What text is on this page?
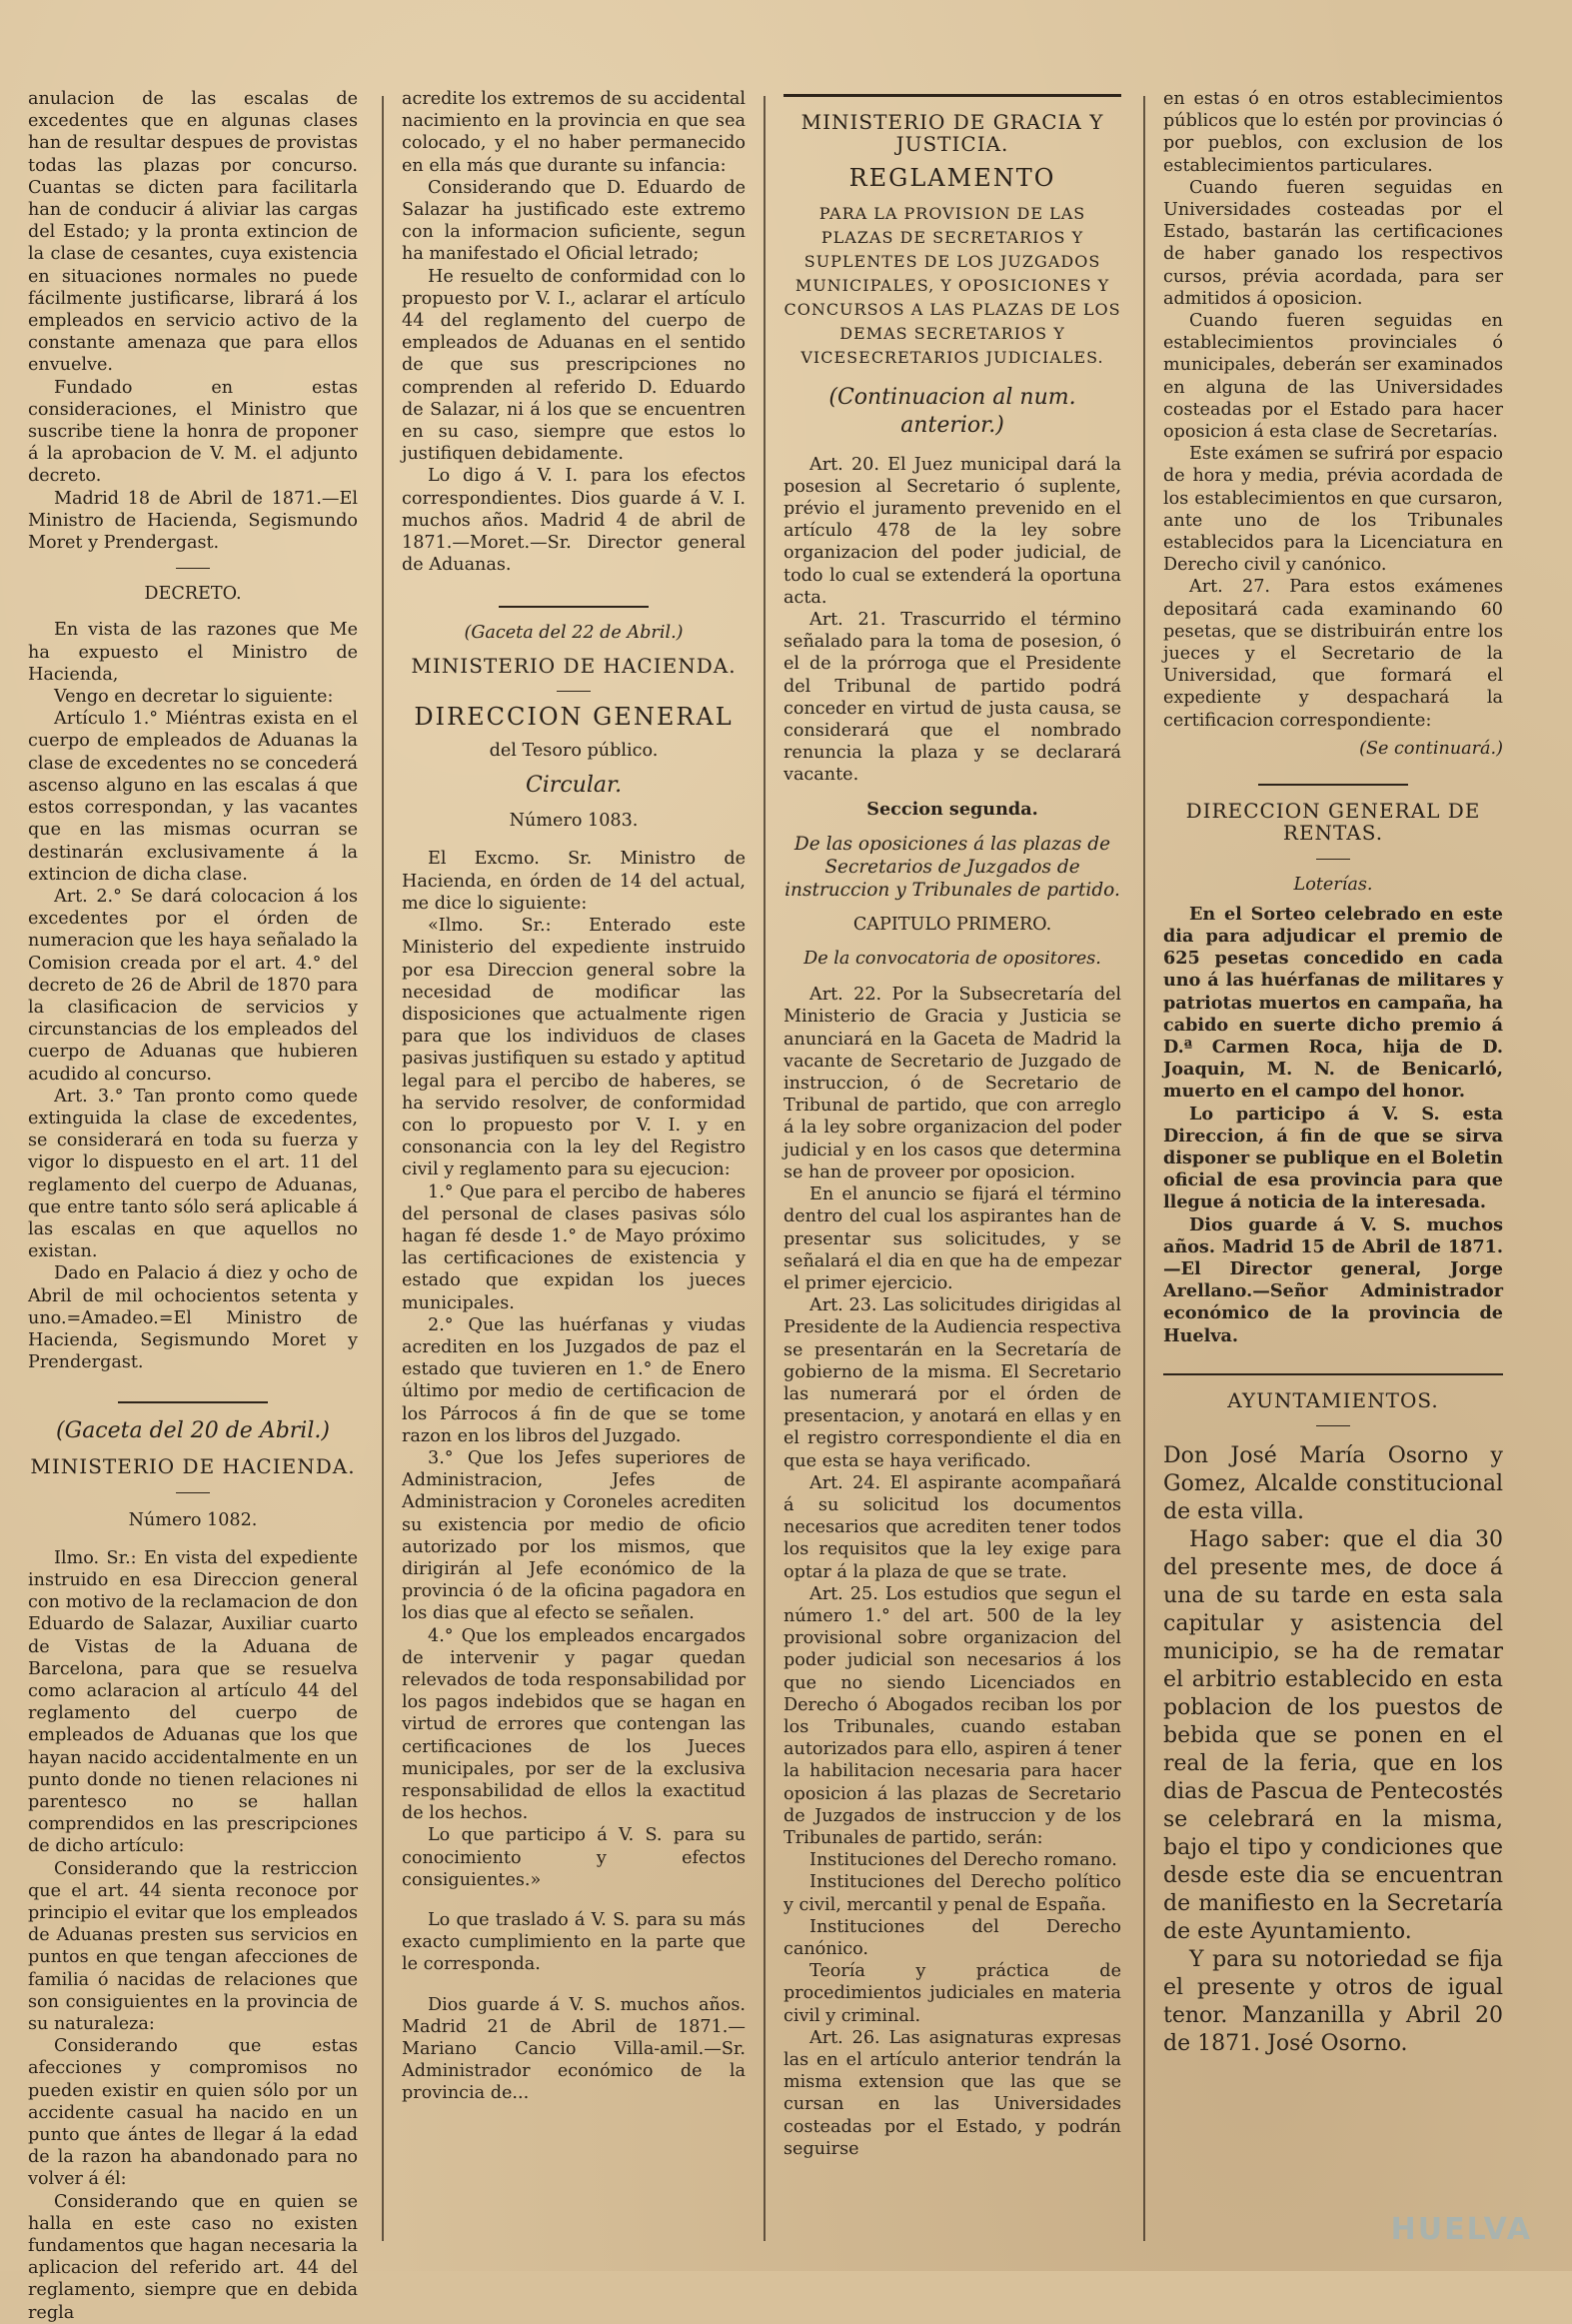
anulacion de las escalas de excedentes que en algunas clases han de resultar despues de provistas todas las plazas por concurso. Cuantas se dicten para facilitarla han de conducir á aliviar las cargas del Estado; y la pronta extincion de la clase de cesantes, cuya existencia en situaciones normales no puede fácilmente justificarse, librará á los empleados en servicio activo de la constante amenaza que para ellos envuelve.

Fundado en estas consideraciones, el Ministro que suscribe tiene la honra de proponer á la aprobacion de V. M. el adjunto decreto.

Madrid 18 de Abril de 1871.—El Ministro de Hacienda, Segismundo Moret y Prendergast.

DECRETO.

En vista de las razones que Me ha expuesto el Ministro de Hacienda,

Vengo en decretar lo siguiente:

Artículo 1.° Miéntras exista en el cuerpo de empleados de Aduanas la clase de excedentes no se concederá ascenso alguno en las escalas á que estos correspondan, y las vacantes que en las mismas ocurran se destinarán exclusivamente á la extincion de dicha clase.

Art. 2.° Se dará colocacion á los excedentes por el órden de numeracion que les haya señalado la Comision creada por el art. 4.° del decreto de 26 de Abril de 1870 para la clasificacion de servicios y circunstancias de los empleados del cuerpo de Aduanas que hubieren acudido al concurso.

Art. 3.° Tan pronto como quede extinguida la clase de excedentes, se considerará en toda su fuerza y vigor lo dispuesto en el art. 11 del reglamento del cuerpo de Aduanas, que entre tanto sólo será aplicable á las escalas en que aquellos no existan.

Dado en Palacio á diez y ocho de Abril de mil ochocientos setenta y uno.=Amadeo.=El Ministro de Hacienda, Segismundo Moret y Prendergast.

(Gaceta del 20 de Abril.)

MINISTERIO DE HACIENDA.

Número 1082.

Ilmo. Sr.: En vista del expediente instruido en esa Direccion general con motivo de la reclamacion de don Eduardo de Salazar, Auxiliar cuarto de Vistas de la Aduana de Barcelona, para que se resuelva como aclaracion al artículo 44 del reglamento del cuerpo de empleados de Aduanas que los que hayan nacido accidentalmente en un punto donde no tienen relaciones ni parentesco no se hallan comprendidos en las prescripciones de dicho artículo:

Considerando que la restriccion que el art. 44 sienta reconoce por principio el evitar que los empleados de Aduanas presten sus servicios en puntos en que tengan afecciones de familia ó nacidas de relaciones que son consiguientes en la provincia de su naturaleza:

Considerando que estas afecciones y compromisos no pueden existir en quien sólo por un accidente casual ha nacido en un punto que ántes de llegar á la edad de la razon ha abandonado para no volver á él:

Considerando que en quien se halla en este caso no existen fundamentos que hagan necesaria la aplicacion del referido art. 44 del reglamento, siempre que en debida regla

acredite los extremos de su accidental nacimiento en la provincia en que sea colocado, y el no haber permanecido en ella más que durante su infancia:

Considerando que D. Eduardo de Salazar ha justificado este extremo con la informacion suficiente, segun ha manifestado el Oficial letrado;

He resuelto de conformidad con lo propuesto por V. I., aclarar el artículo 44 del reglamento del cuerpo de empleados de Aduanas en el sentido de que sus prescripciones no comprenden al referido D. Eduardo de Salazar, ni á los que se encuentren en su caso, siempre que estos lo justifiquen debidamente.

Lo digo á V. I. para los efectos correspondientes. Dios guarde á V. I. muchos años. Madrid 4 de abril de 1871.—Moret.—Sr. Director general de Aduanas.

(Gaceta del 22 de Abril.)

MINISTERIO DE HACIENDA.

DIRECCION GENERAL

del Tesoro público.

Circular.

Número 1083.

El Excmo. Sr. Ministro de Hacienda, en órden de 14 del actual, me dice lo siguiente:

«Ilmo. Sr.: Enterado este Ministerio del expediente instruido por esa Direccion general sobre la necesidad de modificar las disposiciones que actualmente rigen para que los individuos de clases pasivas justifiquen su estado y aptitud legal para el percibo de haberes, se ha servido resolver, de conformidad con lo propuesto por V. I. y en consonancia con la ley del Registro civil y reglamento para su ejecucion:

1.° Que para el percibo de haberes del personal de clases pasivas sólo hagan fé desde 1.° de Mayo próximo las certificaciones de existencia y estado que expidan los jueces municipales.

2.° Que las huérfanas y viudas acrediten en los Juzgados de paz el estado que tuvieren en 1.° de Enero último por medio de certificacion de los Párrocos á fin de que se tome razon en los libros del Juzgado.

3.° Que los Jefes superiores de Administracion, Jefes de Administracion y Coroneles acrediten su existencia por medio de oficio autorizado por los mismos, que dirigirán al Jefe económico de la provincia ó de la oficina pagadora en los dias que al efecto se señalen.

4.° Que los empleados encargados de intervenir y pagar quedan relevados de toda responsabilidad por los pagos indebidos que se hagan en virtud de errores que contengan las certificaciones de los Jueces municipales, por ser de la exclusiva responsabilidad de ellos la exactitud de los hechos.

Lo que participo á V. S. para su conocimiento y efectos consiguientes.»

Lo que traslado á V. S. para su más exacto cumplimiento en la parte que le corresponda.

Dios guarde á V. S. muchos años. Madrid 21 de Abril de 1871.—Mariano Cancio Villa-amil.—Sr. Administrador económico de la provincia de...

MINISTERIO DE GRACIA Y JUSTICIA.

REGLAMENTO

PARA LA PROVISION DE LAS PLAZAS DE SECRETARIOS Y SUPLENTES DE LOS JUZGADOS MUNICIPALES, Y OPOSICIONES Y CONCURSOS A LAS PLAZAS DE LOS DEMAS SECRETARIOS Y VICESECRETARIOS JUDICIALES.

(Continuacion al num. anterior.)

Art. 20. El Juez municipal dará la posesion al Secretario ó suplente, prévio el juramento prevenido en el artículo 478 de la ley sobre organizacion del poder judicial, de todo lo cual se extenderá la oportuna acta.

Art. 21. Trascurrido el término señalado para la toma de posesion, ó el de la prórroga que el Presidente del Tribunal de partido podrá conceder en virtud de justa causa, se considerará que el nombrado renuncia la plaza y se declarará vacante.

Seccion segunda.

De las oposiciones á las plazas de Secretarios de Juzgados de instruccion y Tribunales de partido.

CAPITULO PRIMERO.

De la convocatoria de opositores.

Art. 22. Por la Subsecretaría del Ministerio de Gracia y Justicia se anunciará en la Gaceta de Madrid la vacante de Secretario de Juzgado de instruccion, ó de Secretario de Tribunal de partido, que con arreglo á la ley sobre organizacion del poder judicial y en los casos que determina se han de proveer por oposicion.

En el anuncio se fijará el término dentro del cual los aspirantes han de presentar sus solicitudes, y se señalará el dia en que ha de empezar el primer ejercicio.

Art. 23. Las solicitudes dirigidas al Presidente de la Audiencia respectiva se presentarán en la Secretaría de gobierno de la misma. El Secretario las numerará por el órden de presentacion, y anotará en ellas y en el registro correspondiente el dia en que esta se haya verificado.

Art. 24. El aspirante acompañará á su solicitud los documentos necesarios que acrediten tener todos los requisitos que la ley exige para optar á la plaza de que se trate.

Art. 25. Los estudios que segun el número 1.° del art. 500 de la ley provisional sobre organizacion del poder judicial son necesarios á los que no siendo Licenciados en Derecho ó Abogados reciban los por los Tribunales, cuando estaban autorizados para ello, aspiren á tener la habilitacion necesaria para hacer oposicion á las plazas de Secretario de Juzgados de instruccion y de los Tribunales de partido, serán:

Instituciones del Derecho romano.

Instituciones del Derecho político y civil, mercantil y penal de España.

Instituciones del Derecho canónico.

Teoría y práctica de procedimientos judiciales en materia civil y criminal.

Art. 26. Las asignaturas expresas las en el artículo anterior tendrán la misma extension que las que se cursan en las Universidades costeadas por el Estado, y podrán seguirse

en estas ó en otros establecimientos públicos que lo estén por provincias ó por pueblos, con exclusion de los establecimientos particulares.

Cuando fueren seguidas en Universidades costeadas por el Estado, bastarán las certificaciones de haber ganado los respectivos cursos, prévia acordada, para ser admitidos á oposicion.

Cuando fueren seguidas en establecimientos provinciales ó municipales, deberán ser examinados en alguna de las Universidades costeadas por el Estado para hacer oposicion á esta clase de Secretarías.

Este exámen se sufrirá por espacio de hora y media, prévia acordada de los establecimientos en que cursaron, ante uno de los Tribunales establecidos para la Licenciatura en Derecho civil y canónico.

Art. 27. Para estos exámenes depositará cada examinando 60 pesetas, que se distribuirán entre los jueces y el Secretario de la Universidad, que formará el expediente y despachará la certificacion correspondiente:

(Se continuará.)

DIRECCION GENERAL DE RENTAS.

Loterías.

En el Sorteo celebrado en este dia para adjudicar el premio de 625 pesetas concedido en cada uno á las huérfanas de militares y patriotas muertos en campaña, ha cabido en suerte dicho premio á D.ª Carmen Roca, hija de D. Joaquin, M. N. de Benicarló, muerto en el campo del honor.

Lo participo á V. S. esta Direccion, á fin de que se sirva disponer se publique en el Boletin oficial de esa provincia para que llegue á noticia de la interesada.

Dios guarde á V. S. muchos años. Madrid 15 de Abril de 1871.—El Director general, Jorge Arellano.—Señor Administrador económico de la provincia de Huelva.

AYUNTAMIENTOS.

Don José María Osorno y Gomez, Alcalde constitucional de esta villa.

Hago saber: que el dia 30 del presente mes, de doce á una de su tarde en esta sala capitular y asistencia del municipio, se ha de rematar el arbitrio establecido en esta poblacion de los puestos de bebida que se ponen en el real de la feria, que en los dias de Pascua de Pentecostés se celebrará en la misma, bajo el tipo y condiciones que desde este dia se encuentran de manifiesto en la Secretaría de este Ayuntamiento.

Y para su notoriedad se fija el presente y otros de igual tenor. Manzanilla y Abril 20 de 1871. José Osorno.

HUELVA
